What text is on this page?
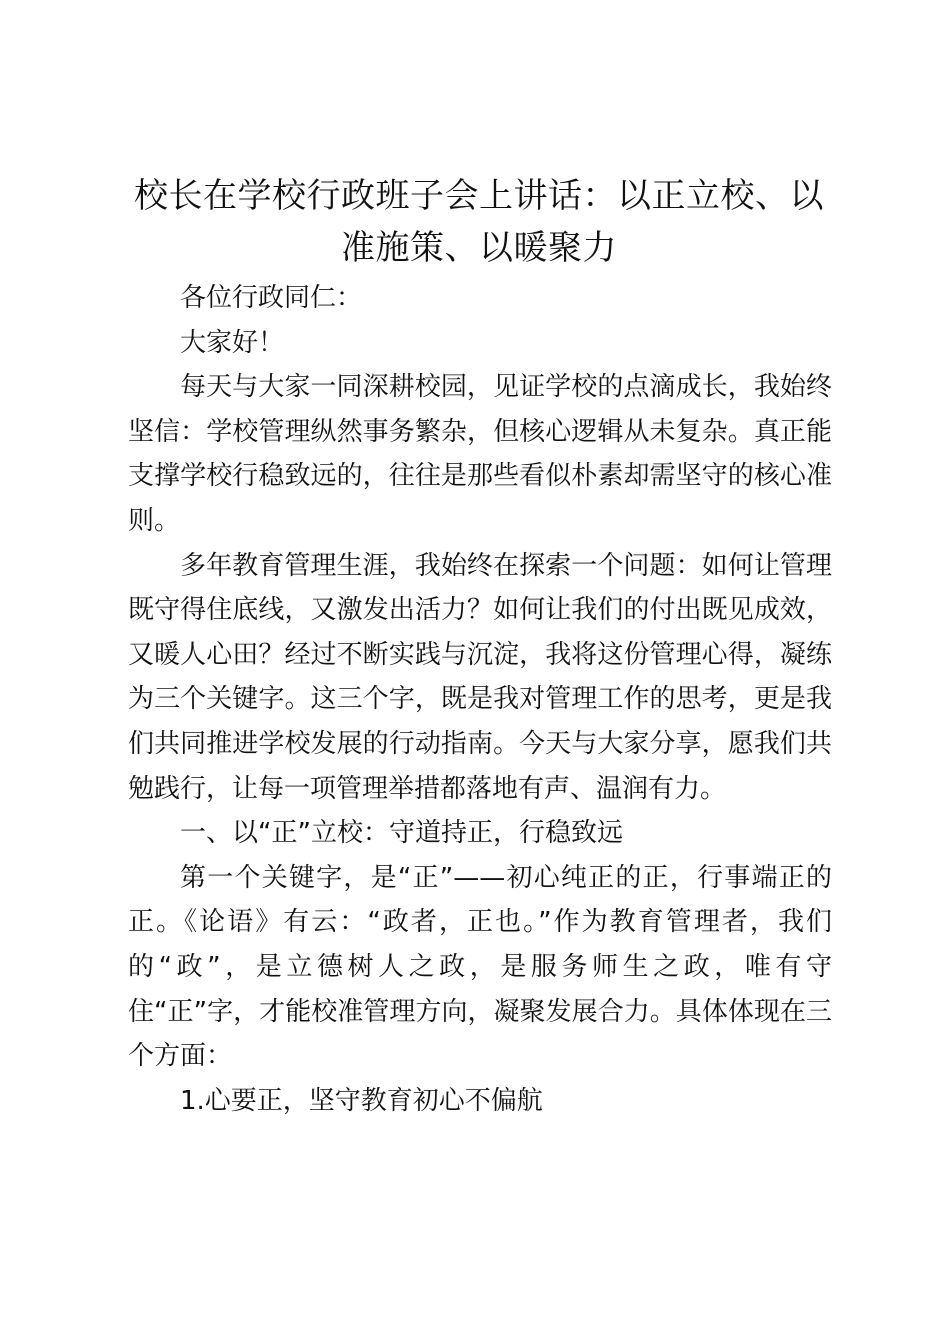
校长在学校行政班子会上讲话：以正立校、以准施策、以暖聚力

各位行政同仁：

大家好！

每天与大家一同深耕校园，见证学校的点滴成长，我始终坚信：学校管理纵然事务繁杂，但核心逻辑从未复杂。真正能支撑学校行稳致远的，往往是那些看似朴素却需坚守的核心准则。

多年教育管理生涯，我始终在探索一个问题：如何让管理既守得住底线，又激发出活力？如何让我们的付出既见成效，又暖人心田？经过不断实践与沉淀，我将这份管理心得，凝练为三个关键字。这三个字，既是我对管理工作的思考，更是我们共同推进学校发展的行动指南。今天与大家分享，愿我们共勉践行，让每一项管理举措都落地有声、温润有力。

一、以“正”立校：守道持正，行稳致远

第一个关键字，是“正”——初心纯正的正，行事端正的正。《论语》有云：“政者，正也。”作为教育管理者，我们的“政”，是立德树人之政，是服务师生之政，唯有守住“正”字，才能校准管理方向，凝聚发展合力。具体体现在三个方面：

1.心要正，坚守教育初心不偏航
